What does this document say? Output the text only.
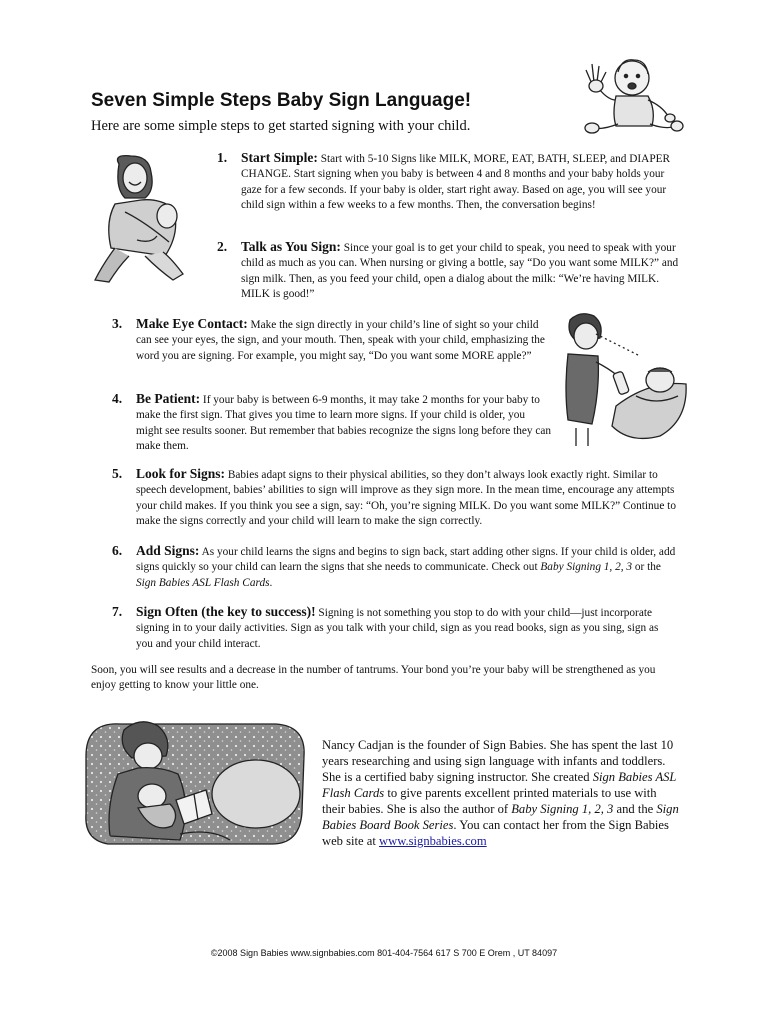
Seven Simple Steps Baby Sign Language!
Here are some simple steps to get started signing with your child.
1. Start Simple: Start with 5-10 Signs like MILK, MORE, EAT, BATH, SLEEP, and DIAPER CHANGE. Start signing when you baby is between 4 and 8 months and your baby holds your gaze for a few seconds. If your baby is older, start right away. Based on age, you will see your child sign within a few weeks to a few months. Then, the conversation begins!
2. Talk as You Sign: Since your goal is to get your child to speak, you need to speak with your child as much as you can. When nursing or giving a bottle, say “Do you want some MILK?” and sign milk. Then, as you feed your child, open a dialog about the milk: “We’re having MILK. MILK is good!”
3. Make Eye Contact: Make the sign directly in your child’s line of sight so your child can see your eyes, the sign, and your mouth. Then, speak with your child, emphasizing the word you are signing. For example, you might say, “Do you want some MORE apple?”
4. Be Patient: If your baby is between 6-9 months, it may take 2 months for your baby to make the first sign. That gives you time to learn more signs. If your child is older, you might see results sooner. But remember that babies recognize the signs long before they can make them.
5. Look for Signs: Babies adapt signs to their physical abilities, so they don’t always look exactly right. Similar to speech development, babies’ abilities to sign will improve as they sign more. In the mean time, encourage any attempts your child makes. If you think you see a sign, say: “Oh, you’re signing MILK. Do you want some MILK?” Continue to make the signs correctly and your child will learn to make the sign correctly.
6. Add Signs: As your child learns the signs and begins to sign back, start adding other signs. If your child is older, add signs quickly so your child can learn the signs that she needs to communicate. Check out Baby Signing 1, 2, 3 or the Sign Babies ASL Flash Cards.
7. Sign Often (the key to success)! Signing is not something you stop to do with your child—just incorporate signing in to your daily activities. Sign as you talk with your child, sign as you read books, sign as you sing, sign as you and your child interact.
Soon, you will see results and a decrease in the number of tantrums. Your bond you’re your baby will be strengthened as you enjoy getting to know your little one.
Nancy Cadjan is the founder of Sign Babies. She has spent the last 10 years researching and using sign language with infants and toddlers. She is a certified baby signing instructor. She created Sign Babies ASL Flash Cards to give parents excellent printed materials to use with their babies. She is also the author of Baby Signing 1, 2, 3 and the Sign Babies Board Book Series. You can contact her from the Sign Babies web site at www.signbabies.com
©2008 Sign Babies www.signbabies.com 801-404-7564 617 S 700 E Orem , UT 84097
